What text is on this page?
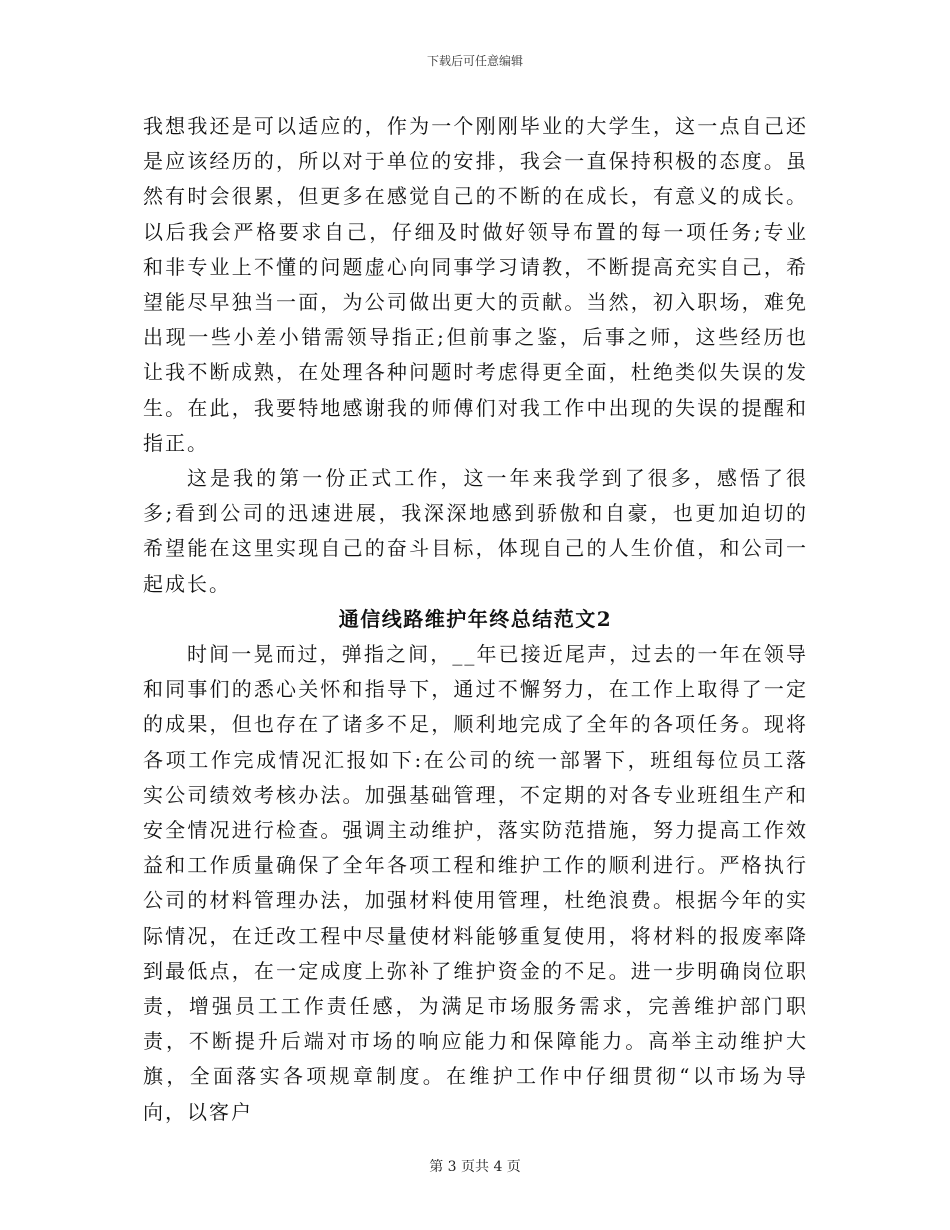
下载后可任意编辑

我想我还是可以适应的，作为一个刚刚毕业的大学生，这一点自己还是应该经历的，所以对于单位的安排，我会一直保持积极的态度。虽然有时会很累，但更多在感觉自己的不断的在成长，有意义的成长。以后我会严格要求自己，仔细及时做好领导布置的每一项任务;专业和非专业上不懂的问题虚心向同事学习请教，不断提高充实自己，希望能尽早独当一面，为公司做出更大的贡献。当然，初入职场，难免出现一些小差小错需领导指正;但前事之鉴，后事之师，这些经历也让我不断成熟，在处理各种问题时考虑得更全面，杜绝类似失误的发生。在此，我要特地感谢我的师傅们对我工作中出现的失误的提醒和指正。

这是我的第一份正式工作，这一年来我学到了很多，感悟了很多;看到公司的迅速进展，我深深地感到骄傲和自豪，也更加迫切的希望能在这里实现自己的奋斗目标，体现自己的人生价值，和公司一起成长。

通信线路维护年终总结范文2

时间一晃而过，弹指之间，__年已接近尾声，过去的一年在领导和同事们的悉心关怀和指导下，通过不懈努力，在工作上取得了一定的成果，但也存在了诸多不足，顺利地完成了全年的各项任务。现将各项工作完成情况汇报如下:在公司的统一部署下，班组每位员工落实公司绩效考核办法。加强基础管理，不定期的对各专业班组生产和安全情况进行检查。强调主动维护，落实防范措施，努力提高工作效益和工作质量确保了全年各项工程和维护工作的顺利进行。严格执行公司的材料管理办法，加强材料使用管理，杜绝浪费。根据今年的实际情况，在迁改工程中尽量使材料能够重复使用，将材料的报废率降到最低点，在一定成度上弥补了维护资金的不足。进一步明确岗位职责，增强员工工作责任感，为满足市场服务需求，完善维护部门职责，不断提升后端对市场的响应能力和保障能力。高举主动维护大旗，全面落实各项规章制度。在维护工作中仔细贯彻“以市场为导向，以客户

第 3 页共 4 页
